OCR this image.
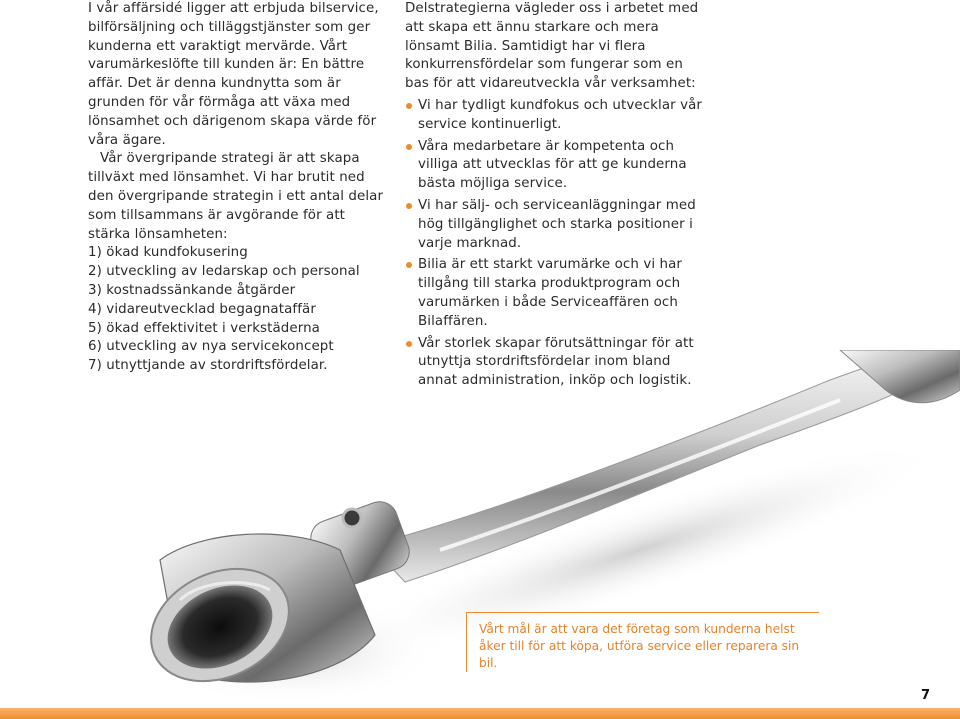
I vår affärsidé ligger att erbjuda bilservice, bilförsäljning och tilläggstjänster som ger kunderna ett varaktigt mervärde. Vårt varumärkeslöfte till kunden är: En bättre affär. Det är denna kundnytta som är grunden för vår förmåga att växa med lönsamhet och därigenom skapa värde för våra ägare.

Vår övergripande strategi är att skapa tillväxt med lönsamhet. Vi har brutit ned den övergripande strategin i ett antal delar som tillsammans är avgörande för att stärka lönsamheten:

1) ökad kundfokusering
2) utveckling av ledarskap och personal
3) kostnadssänkande åtgärder
4) vidareutvecklad begagnataffär
5) ökad effektivitet i verkstäderna
6) utveckling av nya servicekoncept
7) utnyttjande av stordriftsfördelar.

Delstrategierna vägleder oss i arbetet med att skapa ett ännu starkare och mera lönsamt Bilia. Samtidigt har vi flera konkurrensfördelar som fungerar som en bas för att vidareutveckla vår verksamhet:

Vi har tydligt kundfokus och utvecklar vår service kontinuerligt.
Våra medarbetare är kompetenta och villiga att utvecklas för att ge kunderna bästa möjliga service.
Vi har sälj- och serviceanläggningar med hög tillgänglighet och starka positioner i varje marknad.
Bilia är ett starkt varumärke och vi har tillgång till starka produktprogram och varumärken i både Serviceaffären och Bilaffären.
Vår storlek skapar förutsättningar för att utnyttja stordriftsfördelar inom bland annat administration, inköp och logistik.

Vårt mål är att vara det företag som kunderna helst åker till för att köpa, utföra service eller reparera sin bil.

7
